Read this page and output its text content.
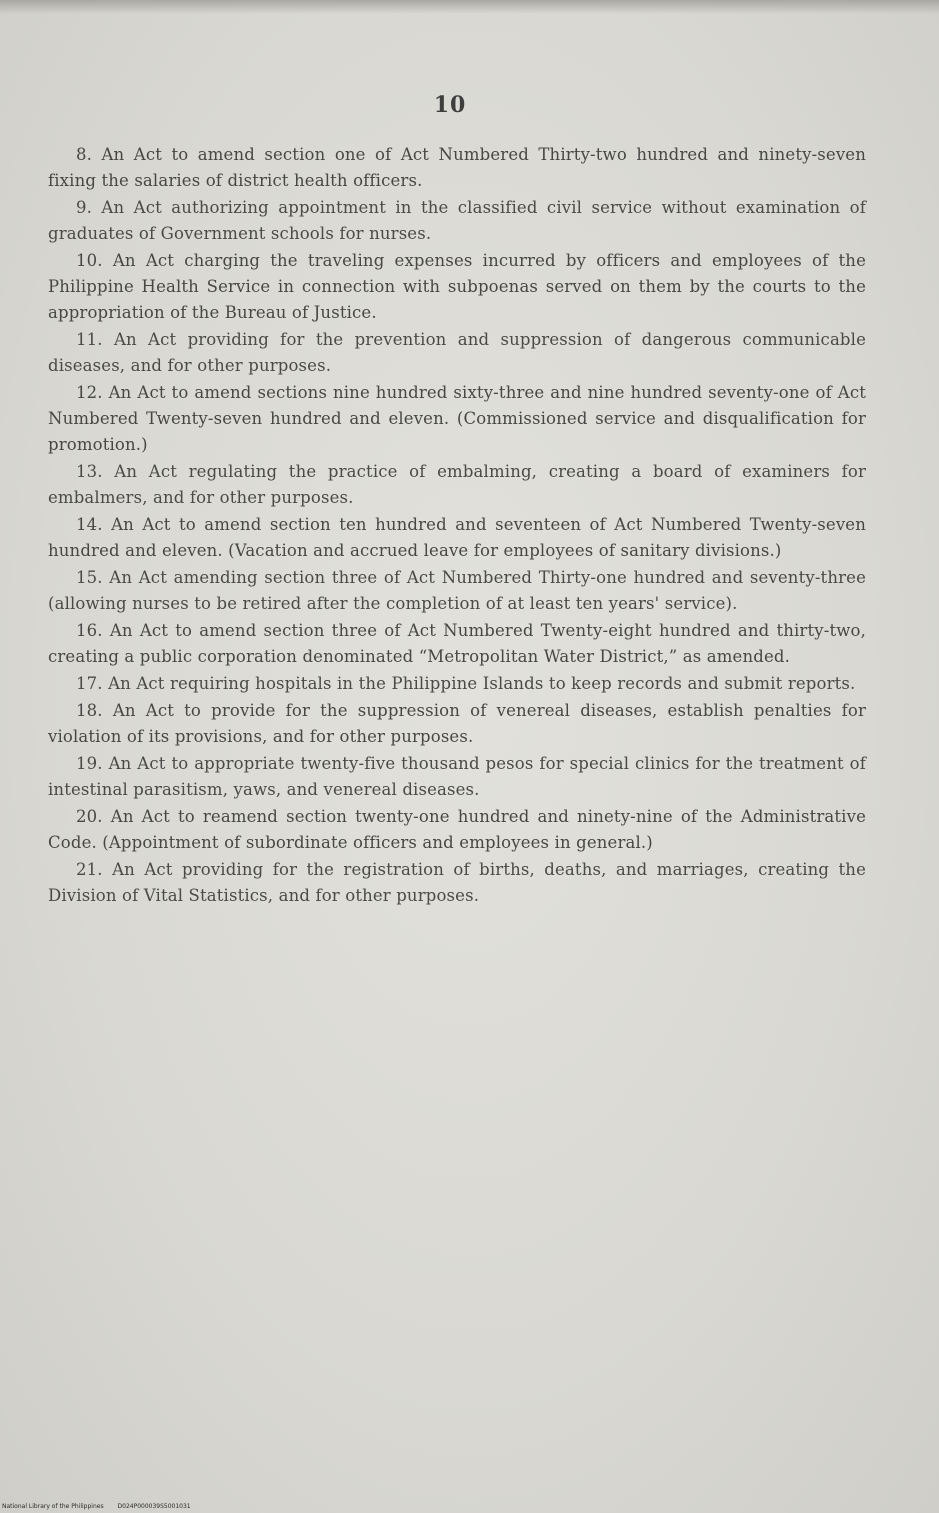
10

8. An Act to amend section one of Act Numbered Thirty-two hundred and ninety-seven fixing the salaries of district health officers.

9. An Act authorizing appointment in the classified civil service without examination of graduates of Government schools for nurses.

10. An Act charging the traveling expenses incurred by officers and employees of the Philippine Health Service in connection with subpoenas served on them by the courts to the appropriation of the Bureau of Justice.

11. An Act providing for the prevention and suppression of dangerous communicable diseases, and for other purposes.

12. An Act to amend sections nine hundred sixty-three and nine hundred seventy-one of Act Numbered Twenty-seven hundred and eleven. (Commissioned service and disqualification for promotion.)

13. An Act regulating the practice of embalming, creating a board of examiners for embalmers, and for other purposes.

14. An Act to amend section ten hundred and seventeen of Act Numbered Twenty-seven hundred and eleven. (Vacation and accrued leave for employees of sanitary divisions.)

15. An Act amending section three of Act Numbered Thirty-one hundred and seventy-three (allowing nurses to be retired after the completion of at least ten years' service).

16. An Act to amend section three of Act Numbered Twenty-eight hundred and thirty-two, creating a public corporation denominated “Metropolitan Water District,” as amended.

17. An Act requiring hospitals in the Philippine Islands to keep records and submit reports.

18. An Act to provide for the suppression of venereal diseases, establish penalties for violation of its provisions, and for other purposes.

19. An Act to appropriate twenty-five thousand pesos for special clinics for the treatment of intestinal parasitism, yaws, and venereal diseases.

20. An Act to reamend section twenty-one hundred and ninety-nine of the Administrative Code. (Appointment of subordinate officers and employees in general.)

21. An Act providing for the registration of births, deaths, and marriages, creating the Division of Vital Statistics, and for other purposes.

National Library of the Philippines D024P000039S5001031
